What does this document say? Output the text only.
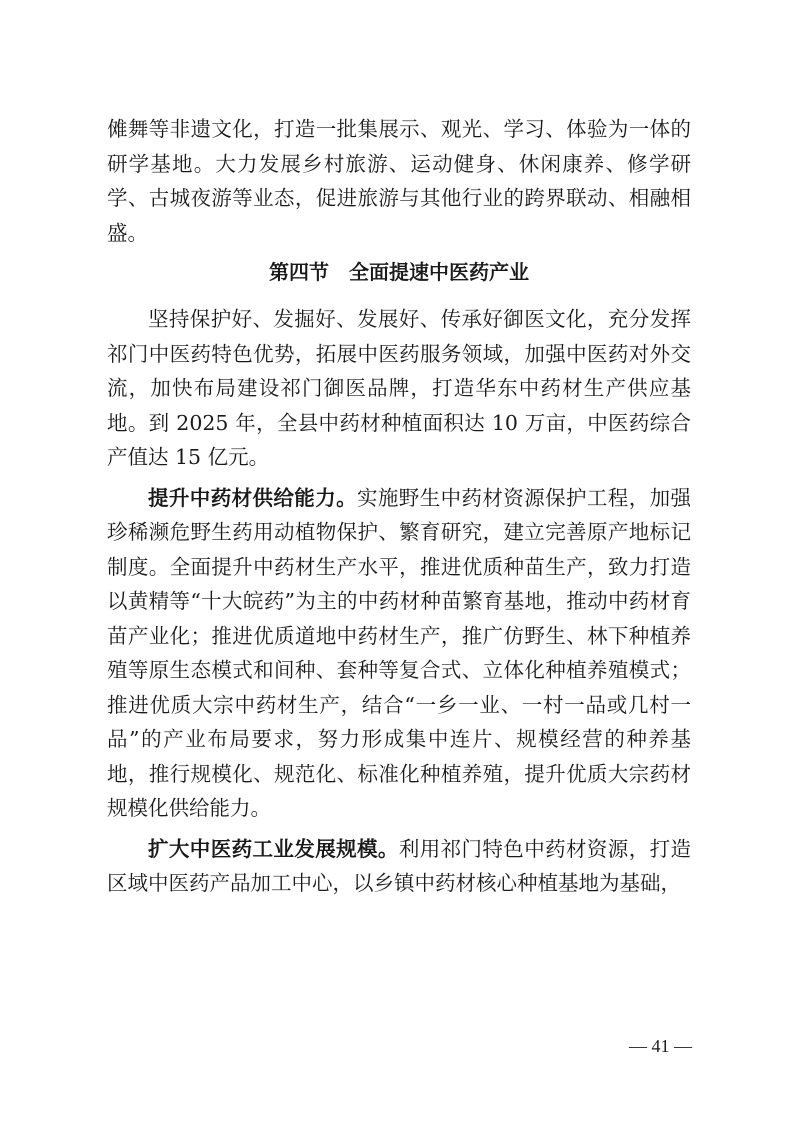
傩舞等非遗文化，打造一批集展示、观光、学习、体验为一体的研学基地。大力发展乡村旅游、运动健身、休闲康养、修学研学、古城夜游等业态，促进旅游与其他行业的跨界联动、相融相盛。

第四节　全面提速中医药产业

坚持保护好、发掘好、发展好、传承好御医文化，充分发挥祁门中医药特色优势，拓展中医药服务领域，加强中医药对外交流，加快布局建设祁门御医品牌，打造华东中药材生产供应基地。到 2025 年，全县中药材种植面积达 10 万亩，中医药综合产值达 15 亿元。

提升中药材供给能力。实施野生中药材资源保护工程，加强珍稀濒危野生药用动植物保护、繁育研究，建立完善原产地标记制度。全面提升中药材生产水平，推进优质种苗生产，致力打造以黄精等“十大皖药”为主的中药材种苗繁育基地，推动中药材育苗产业化；推进优质道地中药材生产，推广仿野生、林下种植养殖等原生态模式和间种、套种等复合式、立体化种植养殖模式；推进优质大宗中药材生产，结合“一乡一业、一村一品或几村一品”的产业布局要求，努力形成集中连片、规模经营的种养基地，推行规模化、规范化、标准化种植养殖，提升优质大宗药材规模化供给能力。

扩大中医药工业发展规模。利用祁门特色中药材资源，打造区域中医药产品加工中心，以乡镇中药材核心种植基地为基础，

— 41 —
